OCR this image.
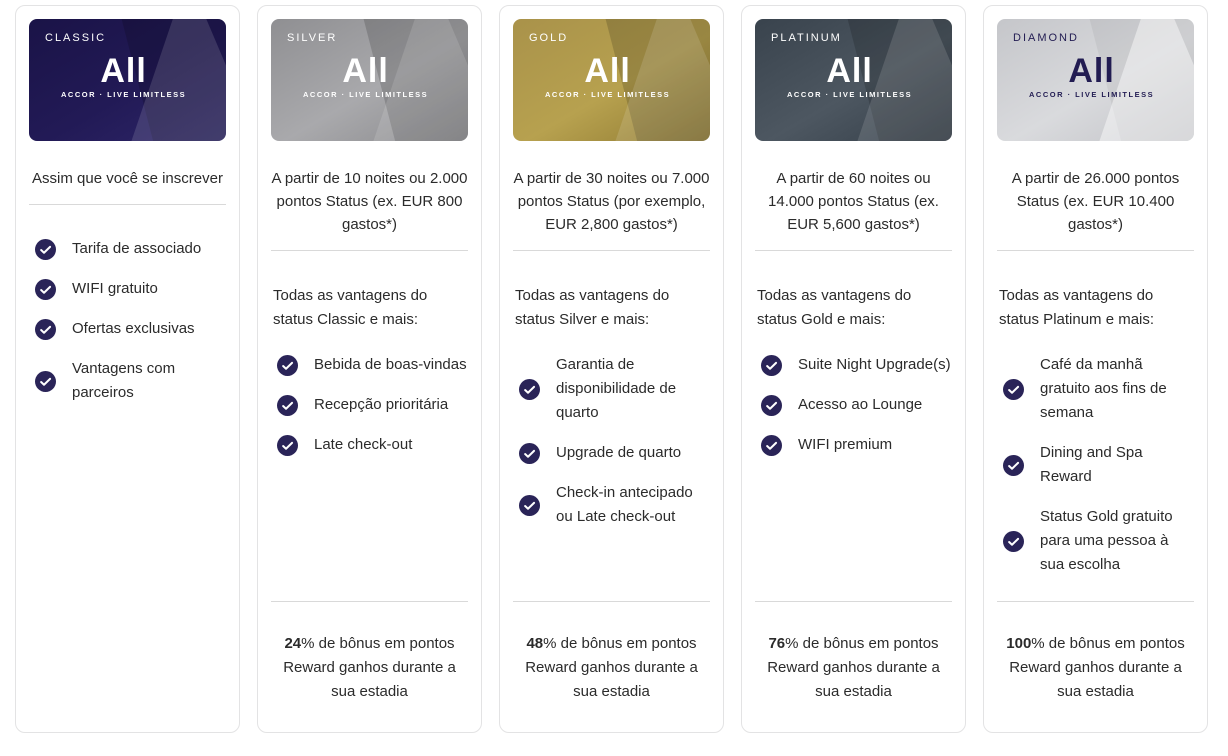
CLASSIC
All
ACCOR · LIVE LIMITLESS

Assim que você se inscrever

Tarifa de associado
WIFI gratuito
Ofertas exclusivas
Vantagens com parceiros
SILVER
All
ACCOR · LIVE LIMITLESS

A partir de 10 noites ou 2.000 pontos Status (ex. EUR 800 gastos*)

Todas as vantagens do status Classic e mais:

Bebida de boas-vindas
Recepção prioritária
Late check-out

24% de bônus em pontos Reward ganhos durante a sua estadia

GOLD
All
ACCOR · LIVE LIMITLESS

A partir de 30 noites ou 7.000 pontos Status (por exemplo, EUR 2,800 gastos*)

Todas as vantagens do status Silver e mais:

Garantia de disponibilidade de quarto
Upgrade de quarto
Check-in antecipado ou Late check-out

48% de bônus em pontos Reward ganhos durante a sua estadia

PLATINUM
All
ACCOR · LIVE LIMITLESS

A partir de 60 noites ou 14.000 pontos Status (ex. EUR 5,600 gastos*)

Todas as vantagens do status Gold e mais:

Suite Night Upgrade(s)
Acesso ao Lounge
WIFI premium

76% de bônus em pontos Reward ganhos durante a sua estadia

DIAMOND
All
ACCOR · LIVE LIMITLESS

A partir de 26.000 pontos Status (ex. EUR 10.400 gastos*)

Todas as vantagens do status Platinum e mais:

Café da manhã gratuito aos fins de semana
Dining and Spa Reward
Status Gold gratuito para uma pessoa à sua escolha

100% de bônus em pontos Reward ganhos durante a sua estadia
